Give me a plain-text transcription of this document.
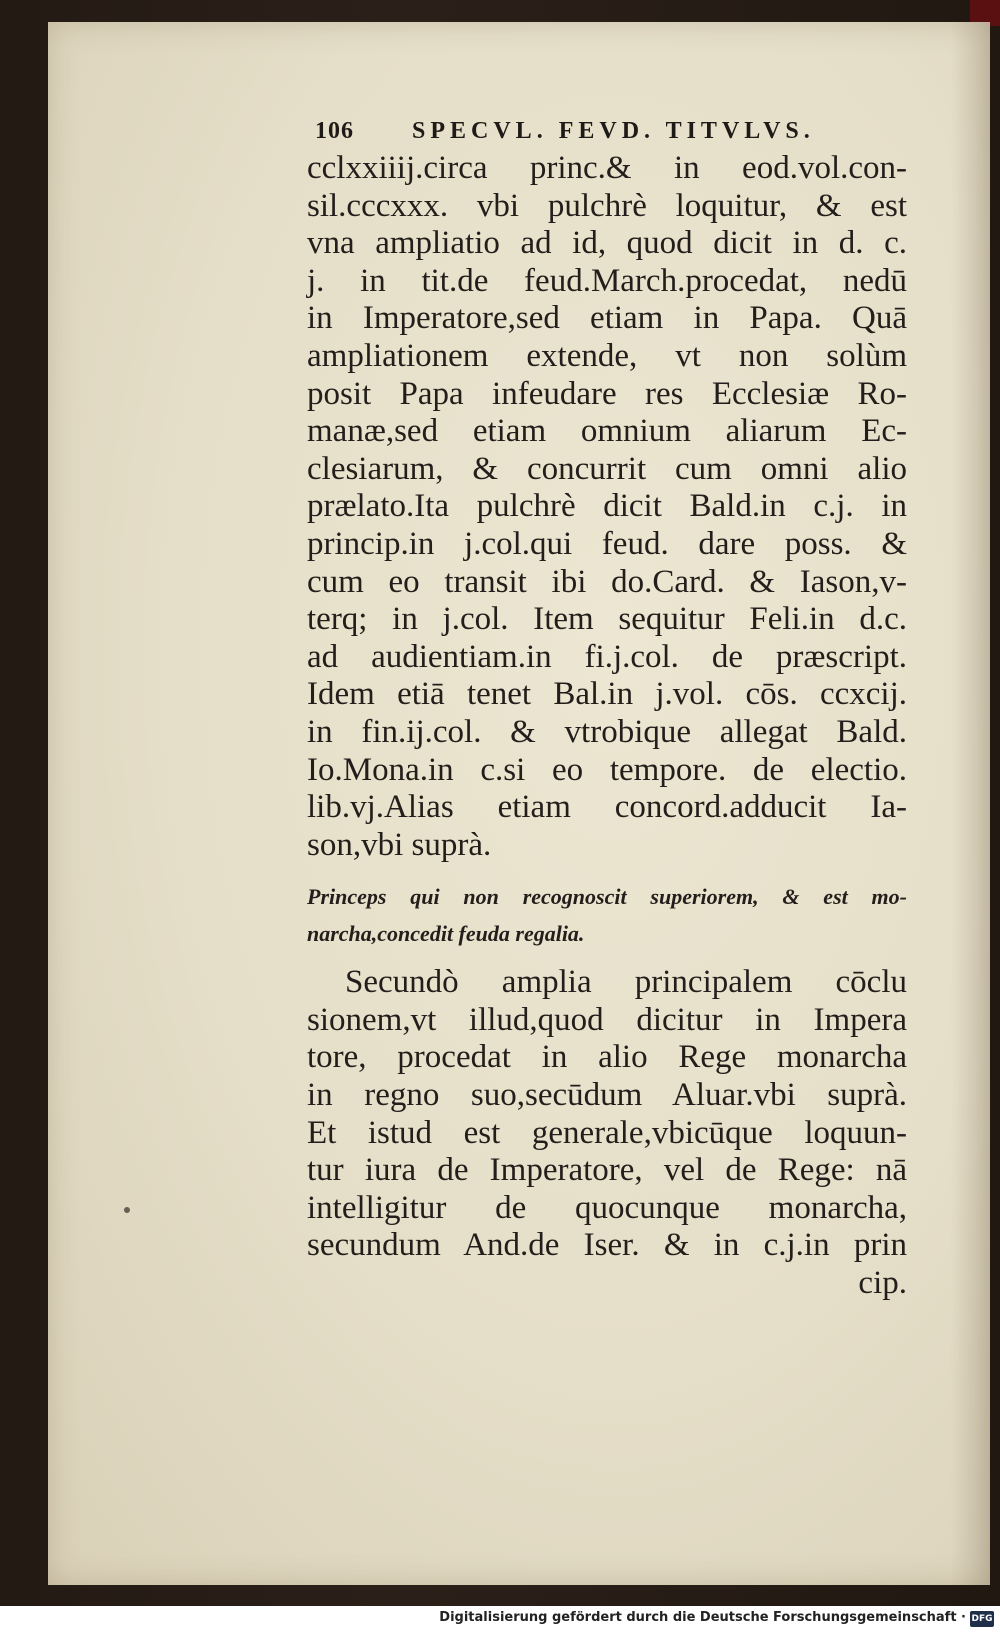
106 SPECVL. FEVD. TITVLVS.
cclxxiiij.circa princ.& in eod.vol.con-
sil.cccxxx. vbi pulchrè loquitur, & est
vna ampliatio ad id, quod dicit in d. c.
j. in tit.de feud.March.procedat, nedū
in Imperatore,sed etiam in Papa. Quā
ampliationem extende, vt non solùm
posit Papa infeudare res Ecclesiæ Ro-
manæ,sed etiam omnium aliarum Ec-
clesiarum, & concurrit cum omni alio
prælato.Ita pulchrè dicit Bald.in c.j. in
princip.in j.col.qui feud. dare poss. &
cum eo transit ibi do.Card. & Iason,v-
terq; in j.col. Item sequitur Feli.in d.c.
ad audientiam.in fi.j.col. de præscript.
Idem etiā tenet Bal.in j.vol. cōs. ccxcij.
in fin.ij.col. & vtrobique allegat Bald.
Io.Mona.in c.si eo tempore. de electio.
lib.vj.Alias etiam concord.adducit Ia-
son,vbi suprà.
Princeps qui non recognoscit superiorem, & est mo-
narcha,concedit feuda regalia.
Secundò amplia principalem cōclu
sionem,vt illud,quod dicitur in Impera
tore, procedat in alio Rege monarcha
in regno suo,secūdum Aluar.vbi suprà.
Et istud est generale,vbicūque loquun-
tur iura de Imperatore, vel de Rege: nā
intelligitur de quocunque monarcha,
secundum And.de Iser. & in c.j.in prin
cip.
Digitalisierung gefördert durch die Deutsche Forschungsgemeinschaft · DFG
